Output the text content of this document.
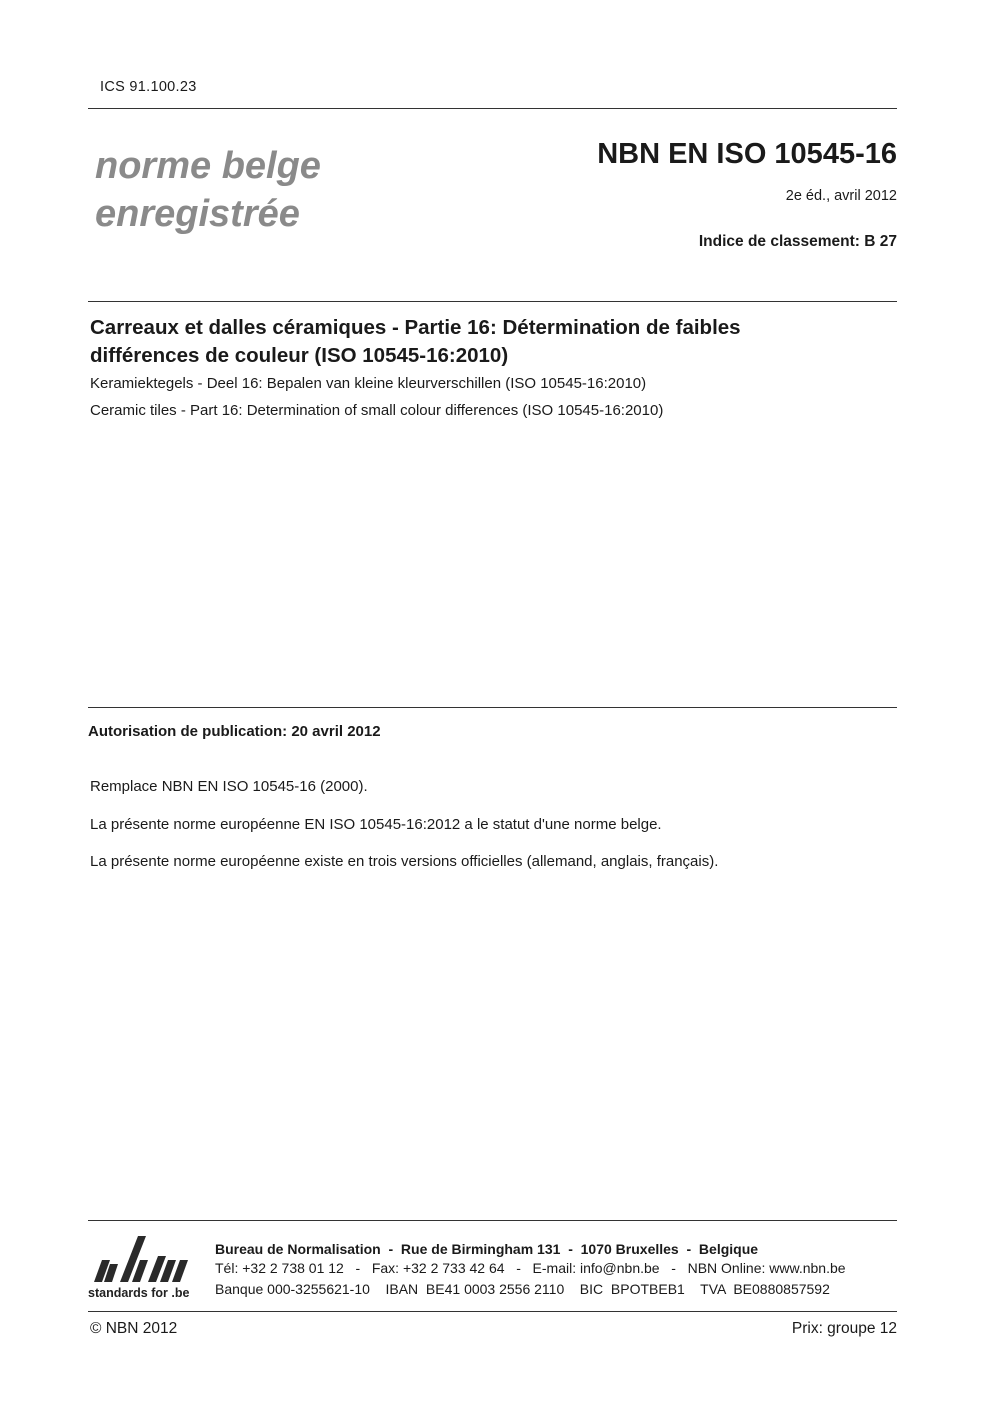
ICS 91.100.23
norme belge
enregistrée
NBN EN ISO 10545-16
2e éd., avril 2012
Indice de classement: B 27
Carreaux et dalles céramiques - Partie 16: Détermination de faibles
différences de couleur (ISO 10545-16:2010)
Keramiektegels - Deel 16: Bepalen van kleine kleurverschillen (ISO 10545-16:2010)
Ceramic tiles - Part 16: Determination of small colour differences (ISO 10545-16:2010)
Autorisation de publication: 20 avril 2012
Remplace NBN EN ISO 10545-16 (2000).
La présente norme européenne EN ISO 10545-16:2012 a le statut d'une norme belge.
La présente norme européenne existe en trois versions officielles (allemand, anglais, français).
standards for .be
Bureau de Normalisation  -  Rue de Birmingham 131  -  1070 Bruxelles  -  Belgique
Tél: +32 2 738 01 12   -   Fax: +32 2 733 42 64   -   E-mail: info@nbn.be   -   NBN Online: www.nbn.be
Banque 000-3255621-10    IBAN  BE41 0003 2556 2110    BIC  BPOTBEB1    TVA  BE0880857592
© NBN 2012	Prix: groupe 12
